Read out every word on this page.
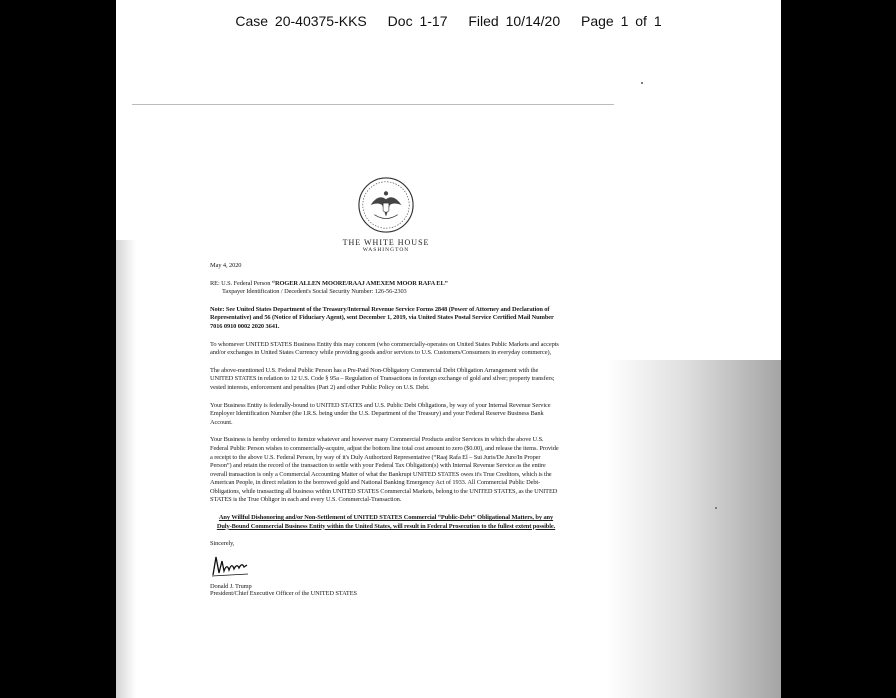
Case 20-40375-KKS Doc 1-17 Filed 10/14/20 Page 1 of 1
THE WHITE HOUSE
WASHINGTON
May 4, 2020
RE: U.S. Federal Person “ROGER ALLEN MOORE/RAAJ AMEXEM MOOR RAFA EL”
Taxpayer Identification / Decedent's Social Security Number: 126-56-2303
Note: See United States Department of the Treasury/Internal Revenue Service Forms 2848 (Power of Attorney and Declaration of Representative) and 56 (Notice of Fiduciary Agent), sent December 1, 2019, via United States Postal Service Certified Mail Number 7016 0910 0002 2020 3641.
To whomever UNITED STATES Business Entity this may concern (who commercially-operates on United States Public Markets and accepts and/or exchanges in United States Currency while providing goods and/or services to U.S. Customers/Consumers in everyday commerce),
The above-mentioned U.S. Federal Public Person has a Pre-Paid Non-Obligatory Commercial Debt Obligation Arrangement with the UNITED STATES in relation to 12 U.S. Code § 95a – Regulation of Transactions in foreign exchange of gold and silver; property transfers; vested interests, enforcement and penalties (Part 2) and other Public Policy on U.S. Debt.
Your Business Entity is federally-bound to UNITED STATES and U.S. Public Debt Obligations, by way of your Internal Revenue Service Employer Identification Number (the I.R.S. being under the U.S. Department of the Treasury) and your Federal Reserve Business Bank Account.
Your Business is hereby ordered to itemize whatever and however many Commercial Products and/or Services in which the above U.S. Federal Public Person wishes to commercially-acquire, adjust the bottom line total cost amount to zero ($0.00), and release the items. Provide a receipt to the above U.S. Federal Person, by way of it's Duly Authorized Representative (“Raaj Rafa El – Sui Juris/De Jure/In Proper Person”) and retain the record of the transaction to settle with your Federal Tax Obligation(s) with Internal Revenue Service as the entire overall transaction is only a Commercial Accounting Matter of what the Bankrupt UNITED STATES owes it's True Creditors, which is the American People, in direct relation to the borrowed gold and National Banking Emergency Act of 1933. All Commercial Public Debt-Obligations, while transacting all business within UNITED STATES Commercial Markets, belong to the UNITED STATES, as the UNITED STATES is the True Obligor in each and every U.S. Commercial-Transaction.
Any Willful Dishonoring and/or Non-Settlement of UNITED STATES Commercial “Public-Debt” Obligational Matters, by any Duly-Bound Commercial Business Entity within the United States, will result in Federal Prosecution to the fullest extent possible.
Sincerely,
Donald J. Trump
President/Chief Executive Officer of the UNITED STATES
